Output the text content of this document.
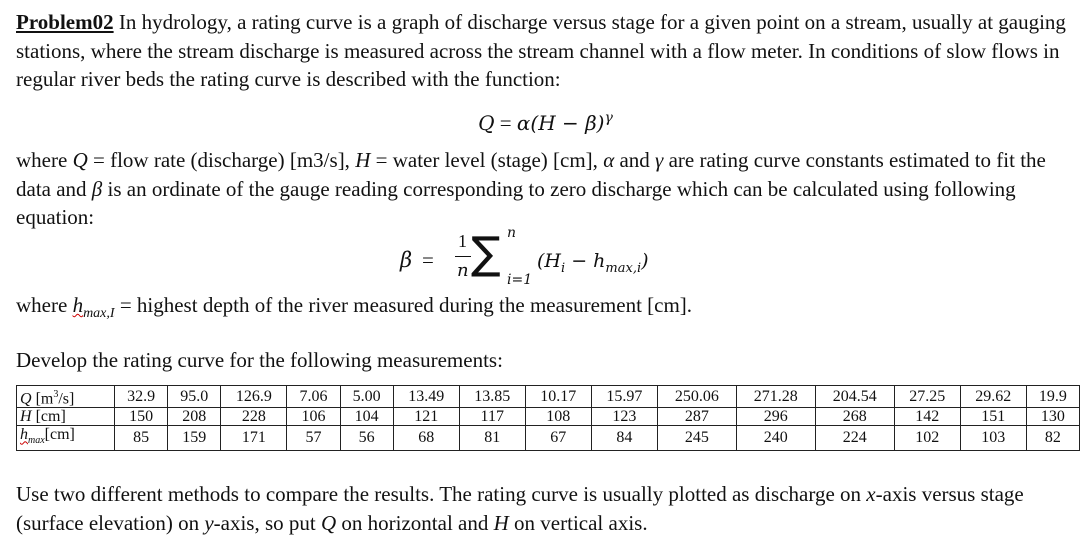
Problem02 In hydrology, a rating curve is a graph of discharge versus stage for a given point on a stream, usually at gauging stations, where the stream discharge is measured across the stream channel with a flow meter. In conditions of slow flows in regular river beds the rating curve is described with the function:

$Q = \alpha(H - \beta)^\gamma$

where Q = flow rate (discharge) [m3/s], H = water level (stage) [cm], α and γ are rating curve constants estimated to fit the data and β is an ordinate of the gauge reading corresponding to zero discharge which can be calculated using following equation:

β =
1
n ∑ n
i=1
$(H_i - h_{max,i})$

where $h_{max,I}$ = highest depth of the river measured during the measurement [cm].

Develop the rating curve for the following measurements:

Q $[m^3/s]$	32.9	95.0	126.9	7.06	5.00	13.49	13.85	10.17	15.97	250.06	271.28	204.54	27.25	29.62	19.9
H [cm]	150	208	228	106	104	121	117	108	123	287	296	268	142	151	130
$h_{max}[cm]$	85	159	171	57	56	68	81	67	84	245	240	224	102	103	82

Use two different methods to compare the results. The rating curve is usually plotted as discharge on x-axis versus stage (surface elevation) on y-axis, so put Q on horizontal and H on vertical axis.
